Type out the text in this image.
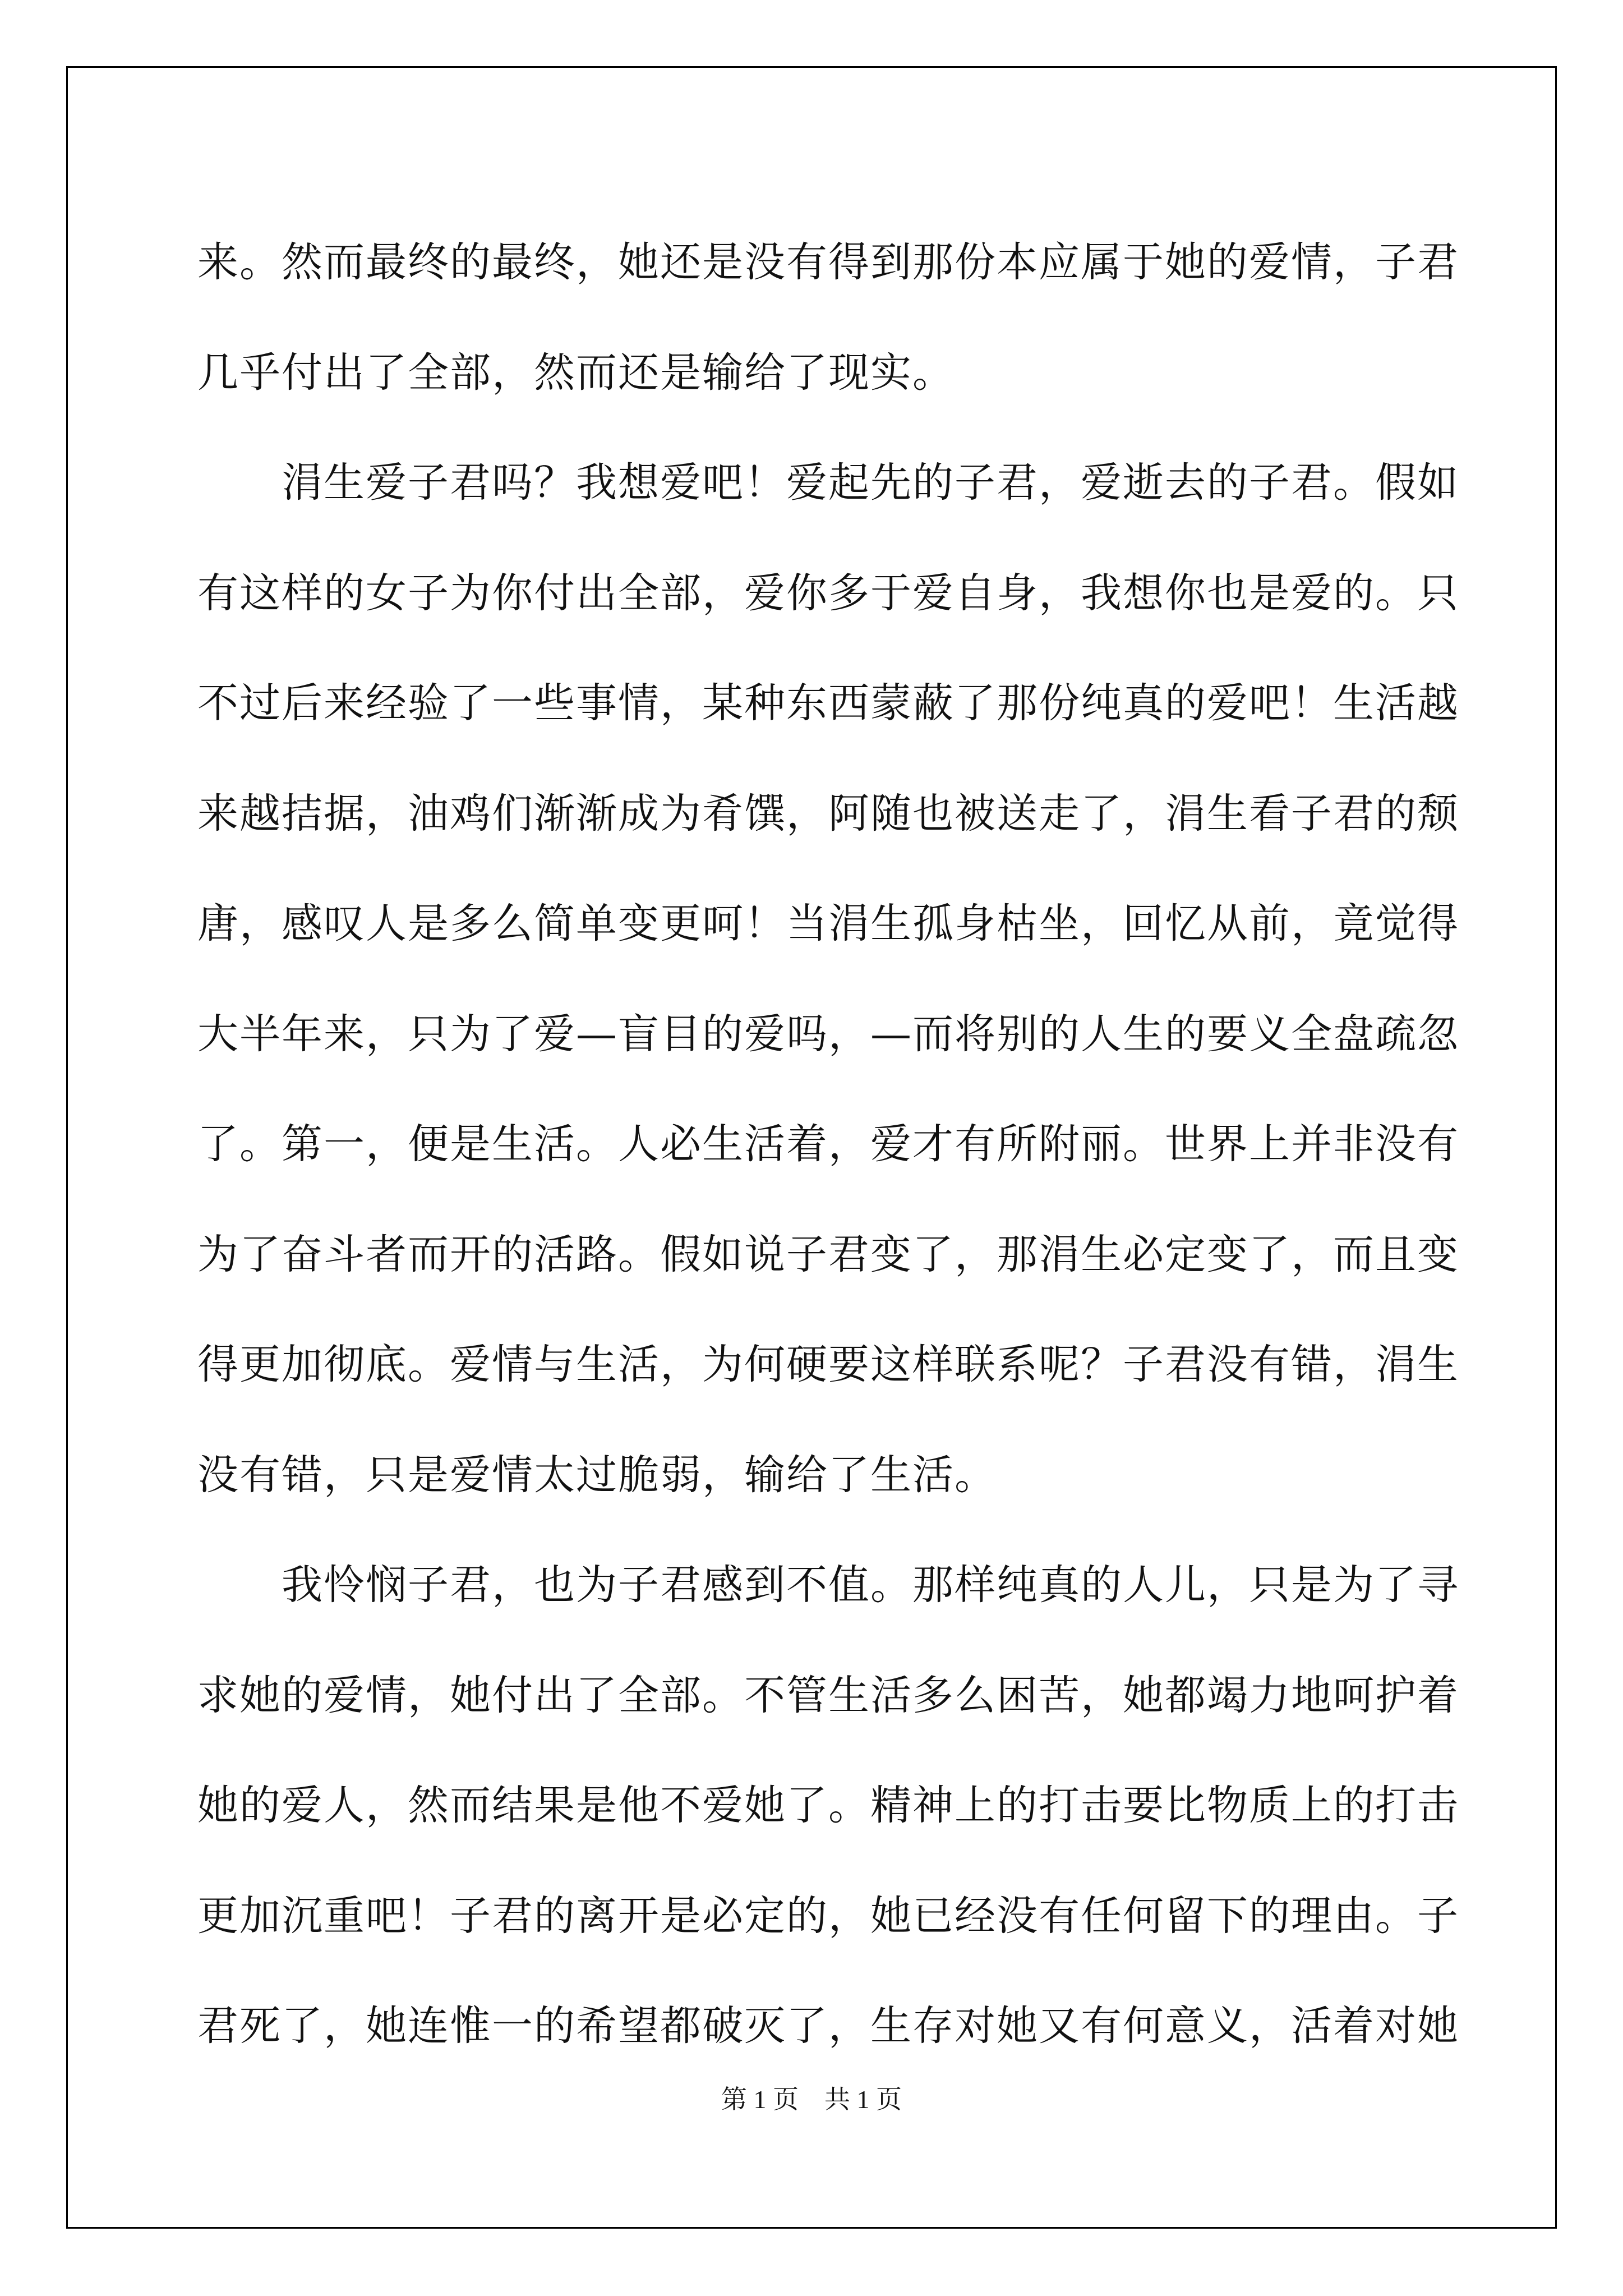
来。然而最终的最终，她还是没有得到那份本应属于她的爱情，子君
几乎付出了全部，然而还是输给了现实。

涓生爱子君吗？我想爱吧！爱起先的子君，爱逝去的子君。假如
有这样的女子为你付出全部，爱你多于爱自身，我想你也是爱的。只
不过后来经验了一些事情，某种东西蒙蔽了那份纯真的爱吧！生活越
来越拮据，油鸡们渐渐成为肴馔，阿随也被送走了，涓生看子君的颓
唐，感叹人是多么简单变更呵！当涓生孤身枯坐，回忆从前，竟觉得
大半年来，只为了爱—盲目的爱吗，—而将别的人生的要义全盘疏忽
了。第一，便是生活。人必生活着，爱才有所附丽。世界上并非没有
为了奋斗者而开的活路。假如说子君变了，那涓生必定变了，而且变
得更加彻底。爱情与生活，为何硬要这样联系呢？子君没有错，涓生
没有错，只是爱情太过脆弱，输给了生活。

我怜悯子君，也为子君感到不值。那样纯真的人儿，只是为了寻
求她的爱情，她付出了全部。不管生活多么困苦，她都竭力地呵护着
她的爱人，然而结果是他不爱她了。精神上的打击要比物质上的打击
更加沉重吧！子君的离开是必定的，她已经没有任何留下的理由。子
君死了，她连惟一的希望都破灭了，生存对她又有何意义，活着对她

第 1 页 共 1 页
